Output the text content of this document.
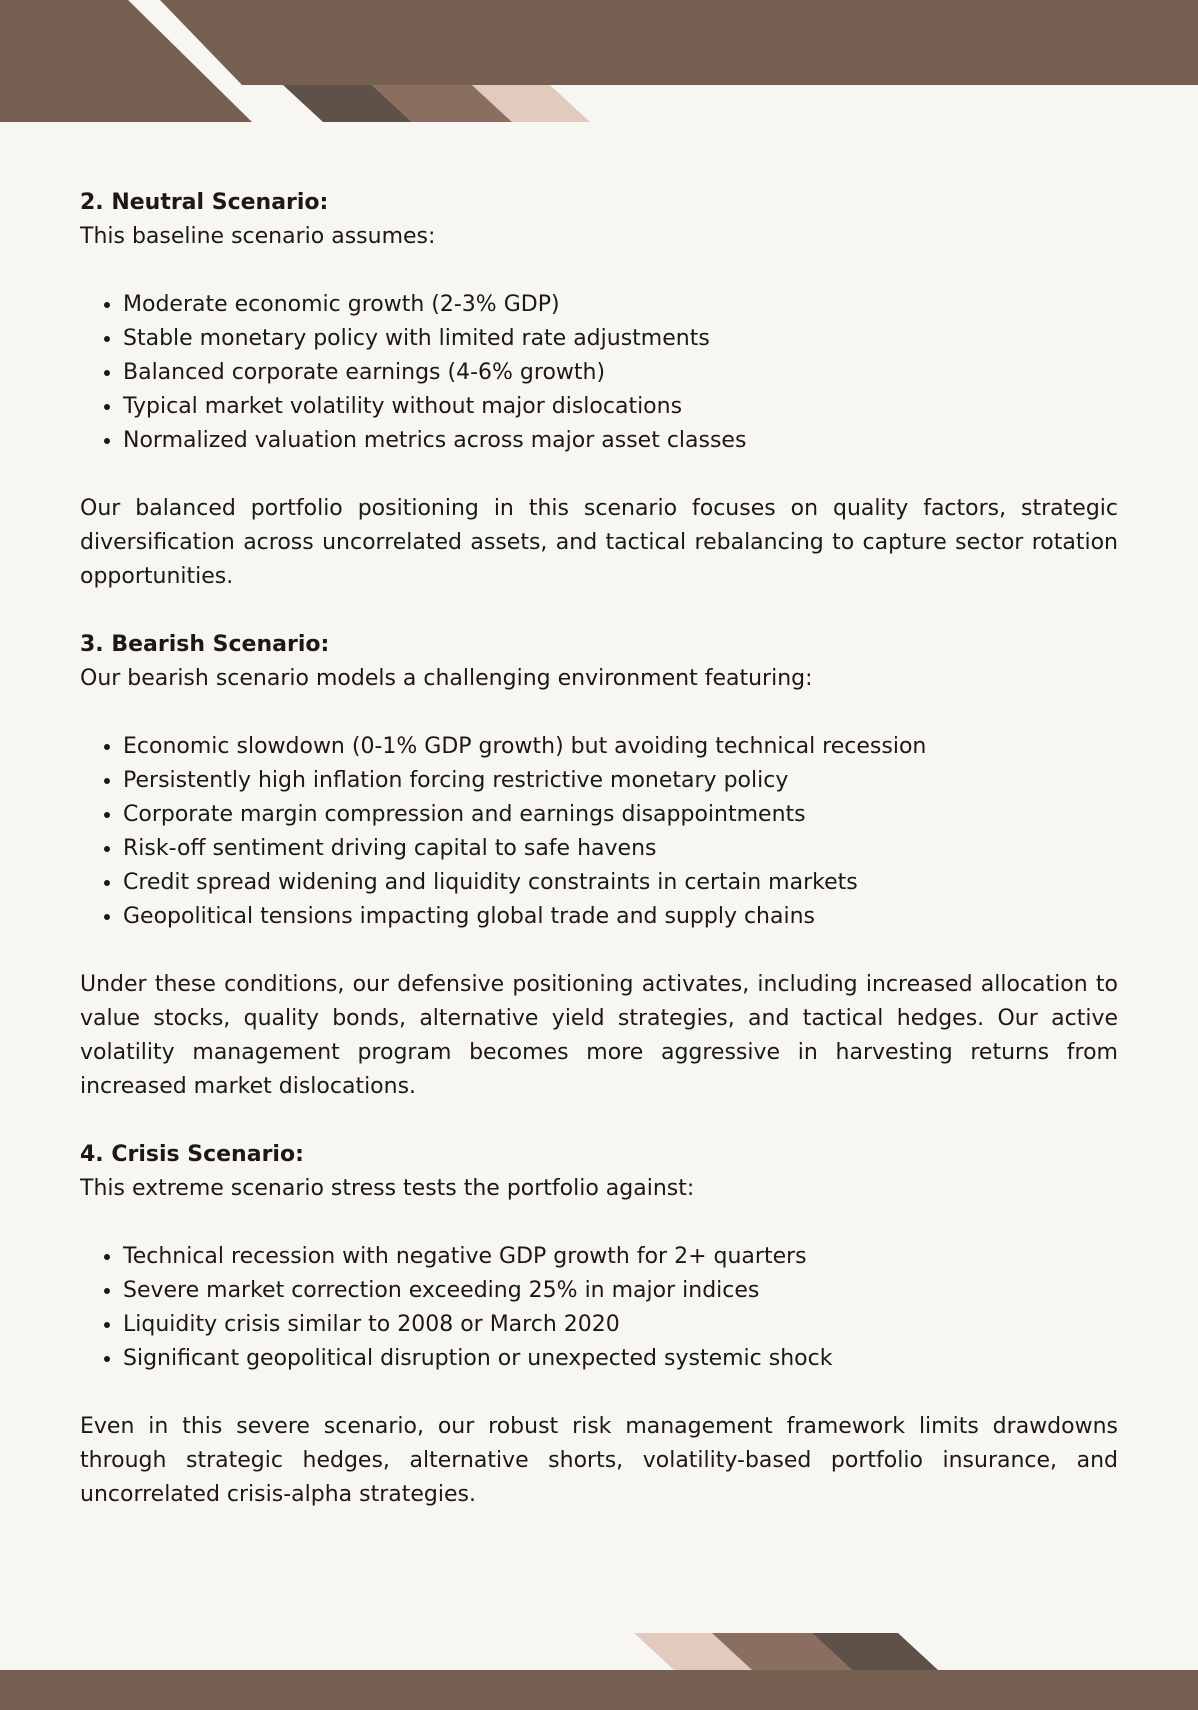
2. Neutral Scenario:

This baseline scenario assumes:

• Moderate economic growth (2-3% GDP)
• Stable monetary policy with limited rate adjustments
• Balanced corporate earnings (4-6% growth)
• Typical market volatility without major dislocations
• Normalized valuation metrics across major asset classes

Our balanced portfolio positioning in this scenario focuses on quality factors, strategic diversification across uncorrelated assets, and tactical rebalancing to capture sector rotation opportunities.

3. Bearish Scenario:

Our bearish scenario models a challenging environment featuring:

• Economic slowdown (0-1% GDP growth) but avoiding technical recession
• Persistently high inflation forcing restrictive monetary policy
• Corporate margin compression and earnings disappointments
• Risk-off sentiment driving capital to safe havens
• Credit spread widening and liquidity constraints in certain markets
• Geopolitical tensions impacting global trade and supply chains

Under these conditions, our defensive positioning activates, including increased allocation to value stocks, quality bonds, alternative yield strategies, and tactical hedges. Our active volatility management program becomes more aggressive in harvesting returns from increased market dislocations.

4. Crisis Scenario:

This extreme scenario stress tests the portfolio against:

• Technical recession with negative GDP growth for 2+ quarters
• Severe market correction exceeding 25% in major indices
• Liquidity crisis similar to 2008 or March 2020
• Significant geopolitical disruption or unexpected systemic shock

Even in this severe scenario, our robust risk management framework limits drawdowns through strategic hedges, alternative shorts, volatility-based portfolio insurance, and uncorrelated crisis-alpha strategies.
